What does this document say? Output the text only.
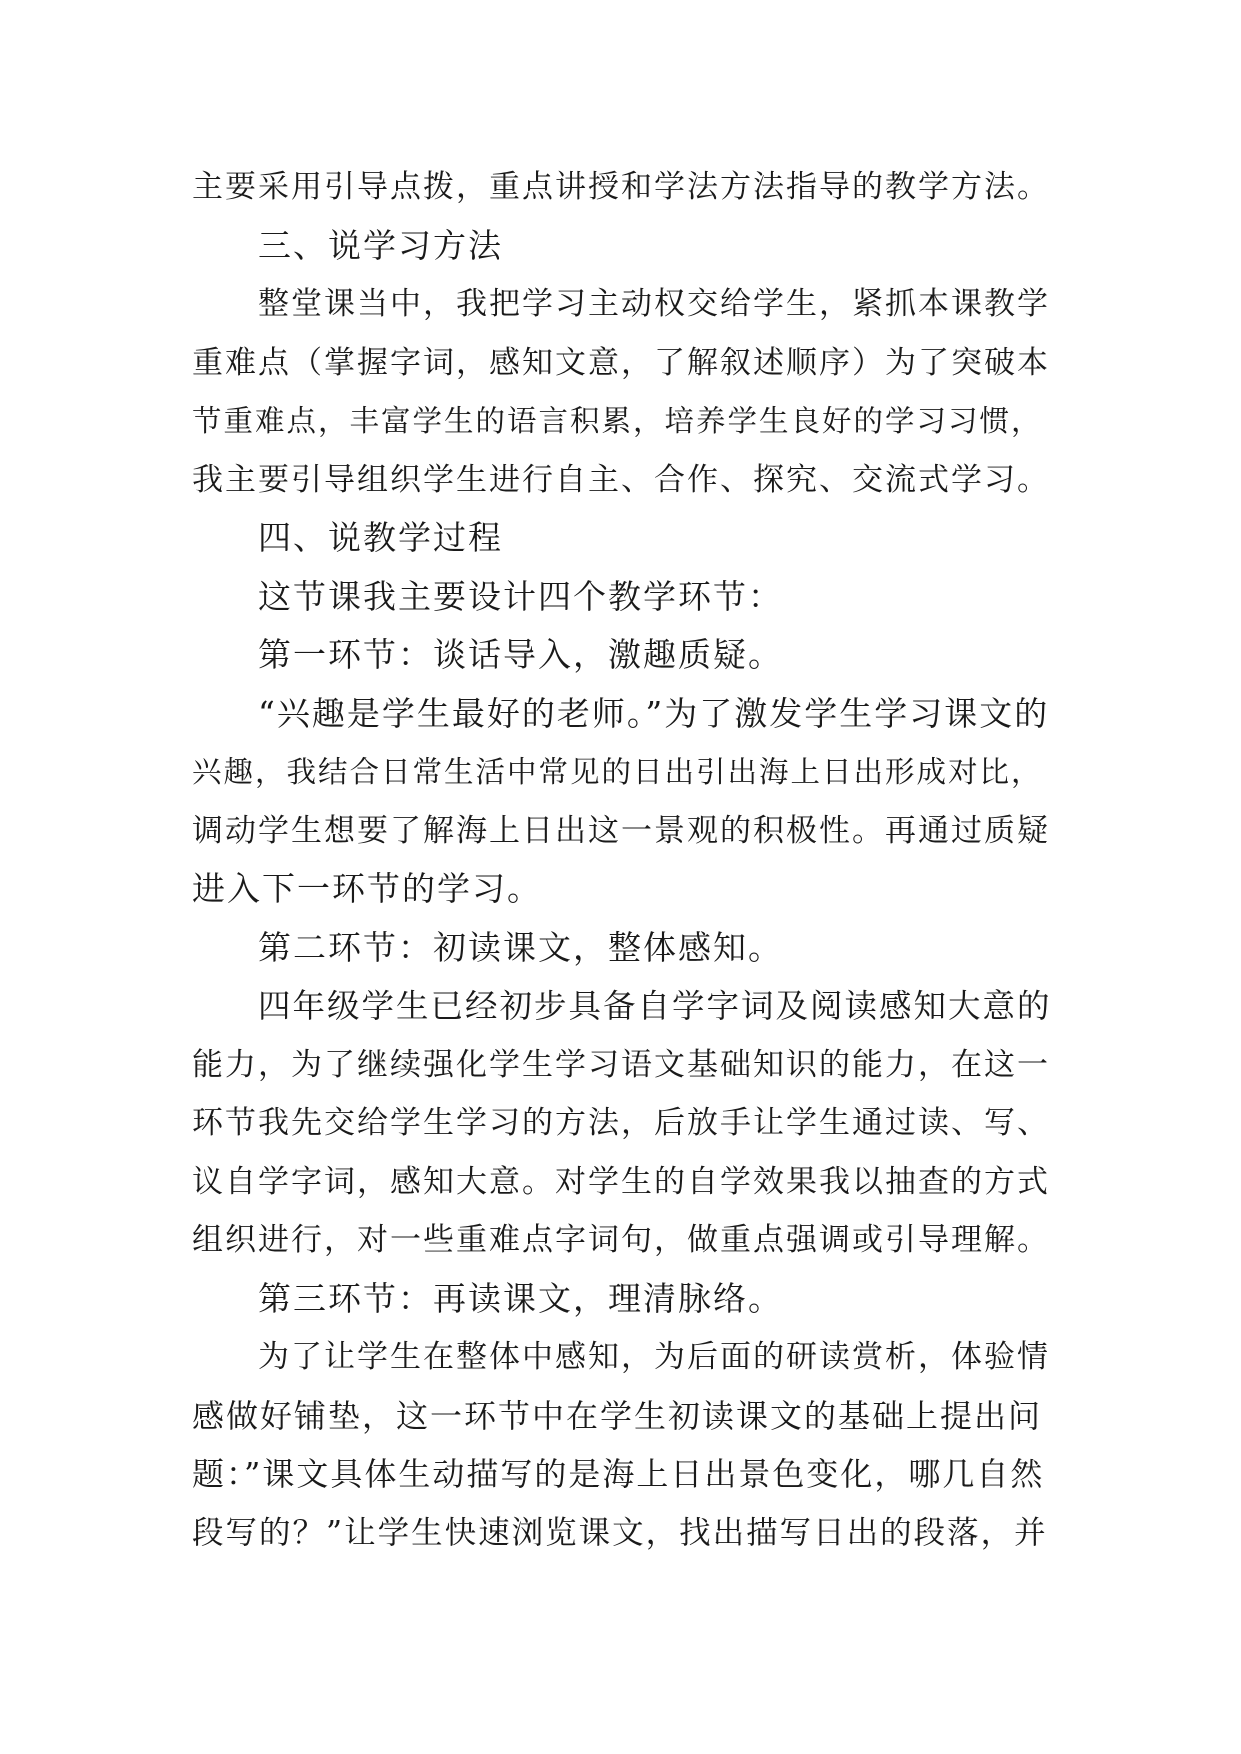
主要采用引导点拨，重点讲授和学法方法指导的教学方法。
三、说学习方法
整堂课当中，我把学习主动权交给学生，紧抓本课教学
重难点（掌握字词，感知文意，了解叙述顺序）为了突破本
节重难点，丰富学生的语言积累，培养学生良好的学习习惯，
我主要引导组织学生进行自主、合作、探究、交流式学习。
四、说教学过程
这节课我主要设计四个教学环节：
第一环节：谈话导入，激趣质疑。
“兴趣是学生最好的老师。”为了激发学生学习课文的
兴趣，我结合日常生活中常见的日出引出海上日出形成对比，
调动学生想要了解海上日出这一景观的积极性。再通过质疑
进入下一环节的学习。
第二环节：初读课文，整体感知。
四年级学生已经初步具备自学字词及阅读感知大意的
能力，为了继续强化学生学习语文基础知识的能力，在这一
环节我先交给学生学习的方法，后放手让学生通过读、写、
议自学字词，感知大意。对学生的自学效果我以抽查的方式
组织进行，对一些重难点字词句，做重点强调或引导理解。
第三环节：再读课文，理清脉络。
为了让学生在整体中感知，为后面的研读赏析，体验情
感做好铺垫，这一环节中在学生初读课文的基础上提出问
题：”课文具体生动描写的是海上日出景色变化，哪几自然
段写的？”让学生快速浏览课文，找出描写日出的段落，并
